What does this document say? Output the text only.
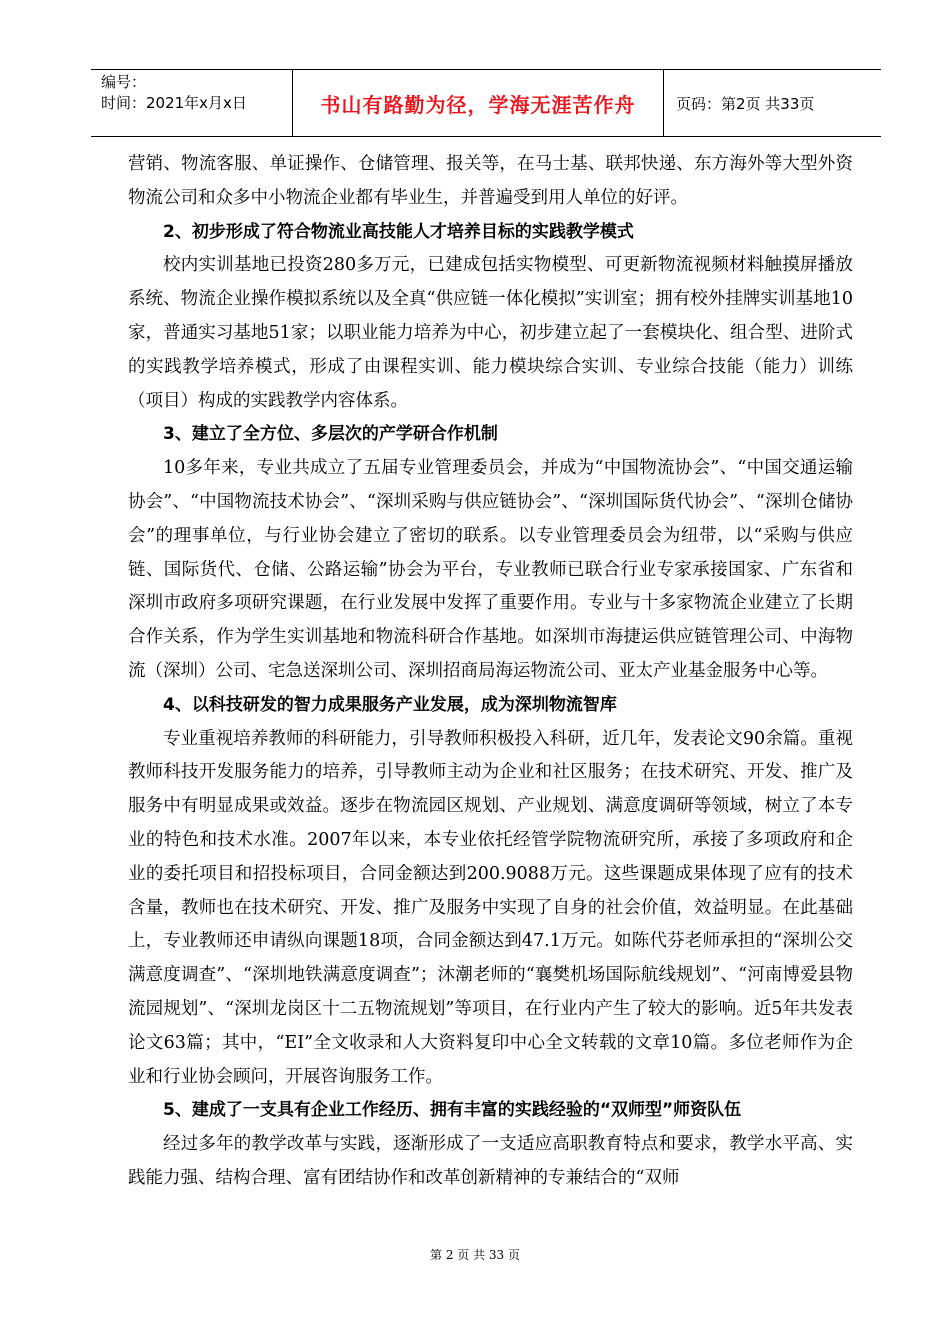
编号：
时间：2021年x月x日	书山有路勤为径，学海无涯苦作舟	页码：第2页 共33页

营销、物流客服、单证操作、仓储管理、报关等，在马士基、联邦快递、东方海外等大型外资物流公司和众多中小物流企业都有毕业生，并普遍受到用人单位的好评。

2、初步形成了符合物流业高技能人才培养目标的实践教学模式

校内实训基地已投资280多万元，已建成包括实物模型、可更新物流视频材料触摸屏播放系统、物流企业操作模拟系统以及全真“供应链一体化模拟”实训室；拥有校外挂牌实训基地10家，普通实习基地51家；以职业能力培养为中心，初步建立起了一套模块化、组合型、进阶式的实践教学培养模式，形成了由课程实训、能力模块综合实训、专业综合技能（能力）训练（项目）构成的实践教学内容体系。

3、建立了全方位、多层次的产学研合作机制

10多年来，专业共成立了五届专业管理委员会，并成为“中国物流协会”、“中国交通运输协会”、“中国物流技术协会”、“深圳采购与供应链协会”、“深圳国际货代协会”、“深圳仓储协会”的理事单位，与行业协会建立了密切的联系。以专业管理委员会为纽带，以“采购与供应链、国际货代、仓储、公路运输”协会为平台，专业教师已联合行业专家承接国家、广东省和深圳市政府多项研究课题，在行业发展中发挥了重要作用。专业与十多家物流企业建立了长期合作关系，作为学生实训基地和物流科研合作基地。如深圳市海捷运供应链管理公司、中海物流（深圳）公司、宅急送深圳公司、深圳招商局海运物流公司、亚太产业基金服务中心等。

4、以科技研发的智力成果服务产业发展，成为深圳物流智库

专业重视培养教师的科研能力，引导教师积极投入科研，近几年，发表论文90余篇。重视教师科技开发服务能力的培养，引导教师主动为企业和社区服务；在技术研究、开发、推广及服务中有明显成果或效益。逐步在物流园区规划、产业规划、满意度调研等领域，树立了本专业的特色和技术水准。2007年以来，本专业依托经管学院物流研究所，承接了多项政府和企业的委托项目和招投标项目，合同金额达到200.9088万元。这些课题成果体现了应有的技术含量，教师也在技术研究、开发、推广及服务中实现了自身的社会价值，效益明显。在此基础上，专业教师还申请纵向课题18项，合同金额达到47.1万元。如陈代芬老师承担的“深圳公交满意度调查”、“深圳地铁满意度调查”；沐潮老师的“襄樊机场国际航线规划”、“河南博爱县物流园规划”、“深圳龙岗区十二五物流规划”等项目，在行业内产生了较大的影响。近5年共发表论文63篇；其中，“EI”全文收录和人大资料复印中心全文转载的文章10篇。多位老师作为企业和行业协会顾问，开展咨询服务工作。

5、建成了一支具有企业工作经历、拥有丰富的实践经验的“双师型”师资队伍

经过多年的教学改革与实践，逐渐形成了一支适应高职教育特点和要求，教学水平高、实践能力强、结构合理、富有团结协作和改革创新精神的专兼结合的“双师

第 2 页 共 33 页
